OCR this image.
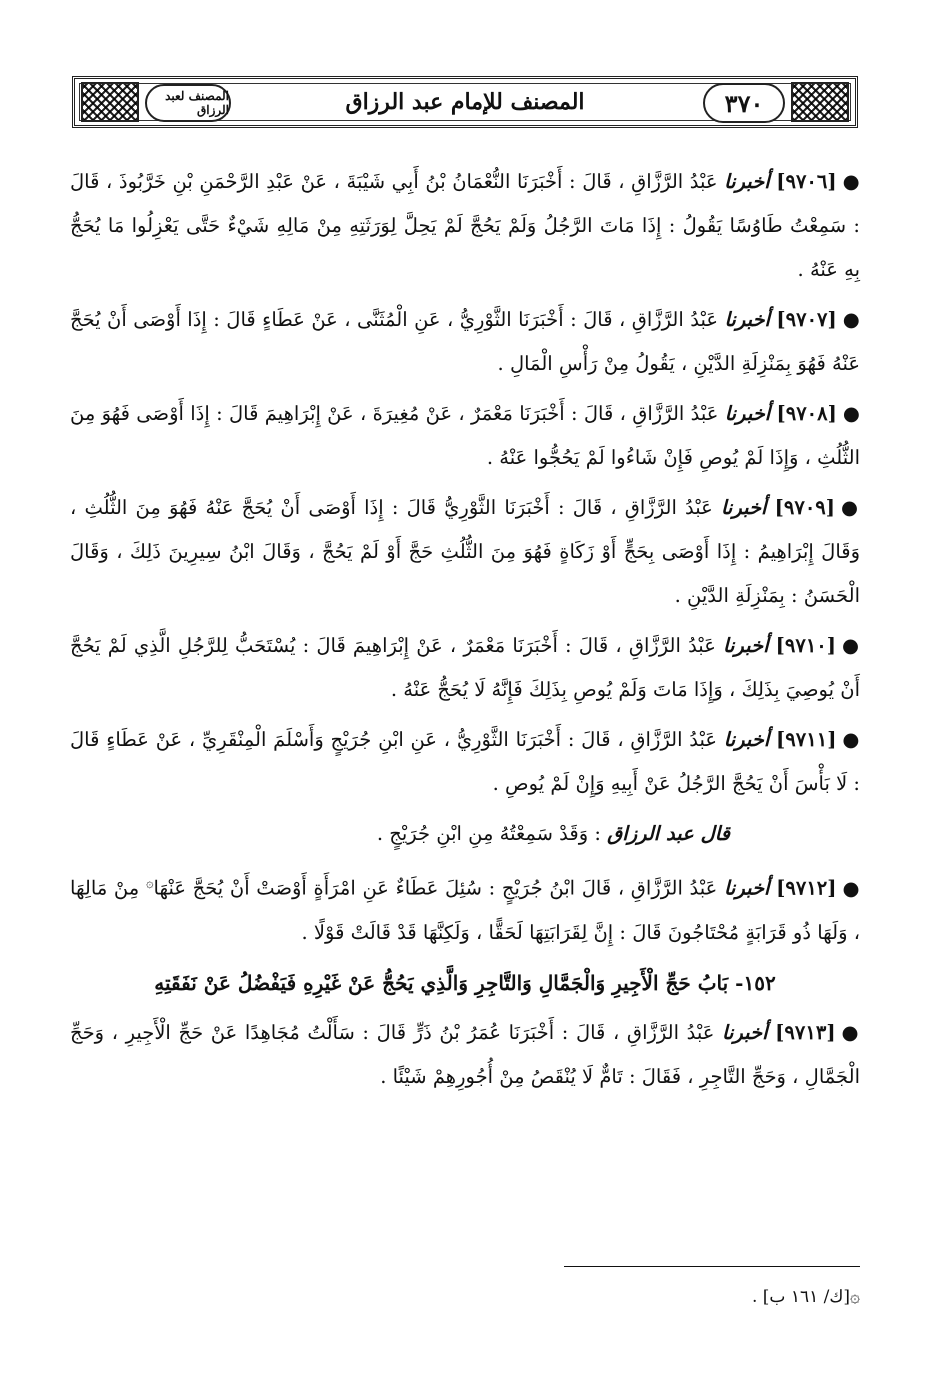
المصنف لعبد الرزاق	٣٧٠
المصنف للإمام عبد الرزاق

●[٩٧٠٦] أخبرنا عَبْدُ الرَّزَّاقِ ، قَالَ : أَخْبَرَنَا النُّعْمَانُ بْنُ أَبِي شَيْبَةَ ، عَنْ عَبْدِ الرَّحْمَنِ بْنِ خَرَّبُوذَ ، قَالَ : سَمِعْتُ طَاوُسًا يَقُولُ : إِذَا مَاتَ الرَّجُلُ وَلَمْ يَحُجَّ لَمْ يَحِلَّ لِوَرَثَتِهِ مِنْ مَالِهِ شَيْءٌ حَتَّى يَعْزِلُوا مَا يُحَجُّ بِهِ عَنْهُ .

●[٩٧٠٧] أخبرنا عَبْدُ الرَّزَّاقِ ، قَالَ : أَخْبَرَنَا الثَّوْرِيُّ ، عَنِ الْمُثَنَّى ، عَنْ عَطَاءٍ قَالَ : إِذَا أَوْصَى أَنْ يُحَجَّ عَنْهُ فَهُوَ بِمَنْزِلَةِ الدَّيْنِ ، يَقُولُ مِنْ رَأْسِ الْمَالِ .

●[٩٧٠٨] أخبرنا عَبْدُ الرَّزَّاقِ ، قَالَ : أَخْبَرَنَا مَعْمَرٌ ، عَنْ مُغِيرَةَ ، عَنْ إِبْرَاهِيمَ قَالَ : إِذَا أَوْصَى فَهُوَ مِنَ الثُّلُثِ ، وَإِذَا لَمْ يُوصِ فَإِنْ شَاءُوا لَمْ يَحُجُّوا عَنْهُ .

●[٩٧٠٩] أخبرنا عَبْدُ الرَّزَّاقِ ، قَالَ : أَخْبَرَنَا الثَّوْرِيُّ قَالَ : إِذَا أَوْصَى أَنْ يُحَجَّ عَنْهُ فَهُوَ مِنَ الثُّلُثِ ، وَقَالَ إِبْرَاهِيمُ : إِذَا أَوْصَى بِحَجٍّ أَوْ زَكَاةٍ فَهُوَ مِنَ الثُّلُثِ حَجَّ أَوْ لَمْ يَحُجَّ ، وَقَالَ ابْنُ سِيرِينَ ذَلِكَ ، وَقَالَ الْحَسَنُ : بِمَنْزِلَةِ الدَّيْنِ .

●[٩٧١٠] أخبرنا عَبْدُ الرَّزَّاقِ ، قَالَ : أَخْبَرَنَا مَعْمَرٌ ، عَنْ إِبْرَاهِيمَ قَالَ : يُسْتَحَبُّ لِلرَّجُلِ الَّذِي لَمْ يَحُجَّ أَنْ يُوصِيَ بِذَلِكَ ، وَإِذَا مَاتَ وَلَمْ يُوصِ بِذَلِكَ فَإِنَّهُ لَا يُحَجُّ عَنْهُ .

●[٩٧١١] أخبرنا عَبْدُ الرَّزَّاقِ ، قَالَ : أَخْبَرَنَا الثَّوْرِيُّ ، عَنِ ابْنِ جُرَيْجٍ وَأَسْلَمَ الْمِنْقَرِيِّ ، عَنْ عَطَاءٍ قَالَ : لَا بَأْسَ أَنْ يَحُجَّ الرَّجُلُ عَنْ أَبِيهِ وَإِنْ لَمْ يُوصِ .

قال عبد الرزاق : وَقَدْ سَمِعْتُهُ مِنِ ابْنِ جُرَيْجٍ .

●[٩٧١٢] أخبرنا عَبْدُ الرَّزَّاقِ ، قَالَ ابْنُ جُرَيْجٍ : سُئِلَ عَطَاءٌ عَنِ امْرَأَةٍ أَوْصَتْ أَنْ يُحَجَّ عَنْهَا۞ مِنْ مَالِهَا ، وَلَهَا ذُو قَرَابَةٍ مُحْتَاجُونَ قَالَ : إِنَّ لِقَرَابَتِهَا لَحَقًّا ، وَلَكِنَّهَا قَدْ قَالَتْ قَوْلًا .

١٥٢- بَابُ حَجِّ الْأَجِيرِ وَالْجَمَّالِ وَالتَّاجِرِ وَالَّذِي يَحُجُّ عَنْ غَيْرِهِ فَيَفْضُلُ عَنْ نَفَقَتِهِ

●[٩٧١٣] أخبرنا عَبْدُ الرَّزَّاقِ ، قَالَ : أَخْبَرَنَا عُمَرُ بْنُ ذَرٍّ قَالَ : سَأَلْتُ مُجَاهِدًا عَنْ حَجِّ الْأَجِيرِ ، وَحَجِّ الْجَمَّالِ ، وَحَجِّ التَّاجِرِ ، فَقَالَ : تَامٌّ لَا يُنْقَصُ مِنْ أُجُورِهِمْ شَيْئًا .

۞[ك/ ١٦١ ب] .
